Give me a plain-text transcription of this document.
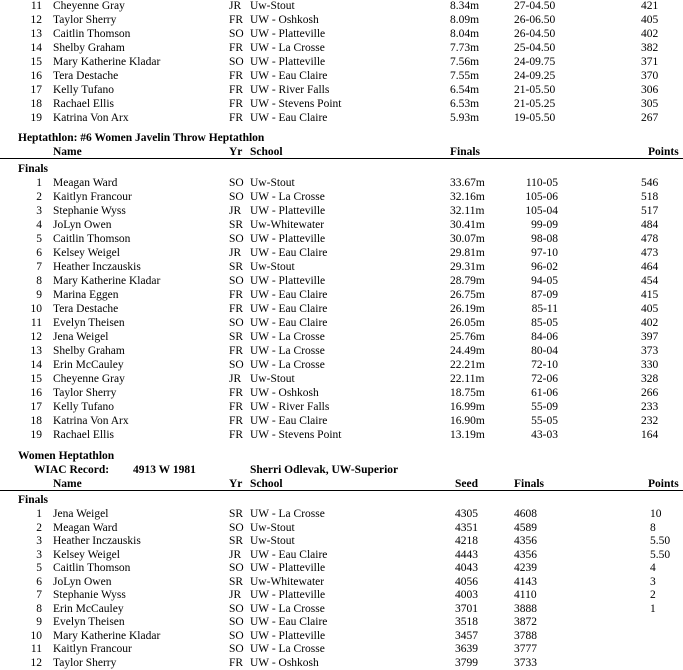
11 Cheyenne Gray	JR Uw-Stout	8.34m	27-04.50	421
12 Taylor Sherry	FR UW - Oshkosh	8.09m	26-06.50	405
13 Caitlin Thomson	SO UW - Platteville	8.04m	26-04.50	402
14 Shelby Graham	FR UW - La Crosse	7.73m	25-04.50	382
15 Mary Katherine Kladar	SO UW - Platteville	7.56m	24-09.75	371
16 Tera Destache	FR UW - Eau Claire	7.55m	24-09.25	370
17 Kelly Tufano	FR UW - River Falls	6.54m	21-05.50	306
18 Rachael Ellis	FR UW - Stevens Point	6.53m	21-05.25	305
19 Katrina Von Arx	FR UW - Eau Claire	5.93m	19-05.50	267
Heptathlon: #6 Women Javelin Throw Heptathlon
Name	Yr School	Finals	Points
Finals
1 Meagan Ward	SO Uw-Stout	33.67m	110-05	546
2 Kaitlyn Francour	SO UW - La Crosse	32.16m	105-06	518
3 Stephanie Wyss	JR UW - Platteville	32.11m	105-04	517
4 JoLyn Owen	SR Uw-Whitewater	30.41m	99-09	484
5 Caitlin Thomson	SO UW - Platteville	30.07m	98-08	478
6 Kelsey Weigel	JR UW - Eau Claire	29.81m	97-10	473
7 Heather Inczauskis	SR Uw-Stout	29.31m	96-02	464
8 Mary Katherine Kladar	SO UW - Platteville	28.79m	94-05	454
9 Marina Eggen	FR UW - Eau Claire	26.75m	87-09	415
10 Tera Destache	FR UW - Eau Claire	26.19m	85-11	405
11 Evelyn Theisen	SO UW - Eau Claire	26.05m	85-05	402
12 Jena Weigel	SR UW - La Crosse	25.76m	84-06	397
13 Shelby Graham	FR UW - La Crosse	24.49m	80-04	373
14 Erin McCauley	SO UW - La Crosse	22.21m	72-10	330
15 Cheyenne Gray	JR Uw-Stout	22.11m	72-06	328
16 Taylor Sherry	FR UW - Oshkosh	18.75m	61-06	266
17 Kelly Tufano	FR UW - River Falls	16.99m	55-09	233
18 Katrina Von Arx	FR UW - Eau Claire	16.90m	55-05	232
19 Rachael Ellis	FR UW - Stevens Point	13.19m	43-03	164
Women Heptathlon
WIAC Record: 4913 W 1981	Sherri Odlevak, UW-Superior
Name	Yr School	Seed	Finals	Points
Finals
1 Jena Weigel	SR UW - La Crosse	4305	4608	10
2 Meagan Ward	SO Uw-Stout	4351	4589	8
3 Heather Inczauskis	SR Uw-Stout	4218	4356	5.50
3 Kelsey Weigel	JR UW - Eau Claire	4443	4356	5.50
5 Caitlin Thomson	SO UW - Platteville	4043	4239	4
6 JoLyn Owen	SR Uw-Whitewater	4056	4143	3
7 Stephanie Wyss	JR UW - Platteville	4003	4110	2
8 Erin McCauley	SO UW - La Crosse	3701	3888	1
9 Evelyn Theisen	SO UW - Eau Claire	3518	3872
10 Mary Katherine Kladar	SO UW - Platteville	3457	3788
11 Kaitlyn Francour	SO UW - La Crosse	3639	3777
12 Taylor Sherry	FR UW - Oshkosh	3799	3733
